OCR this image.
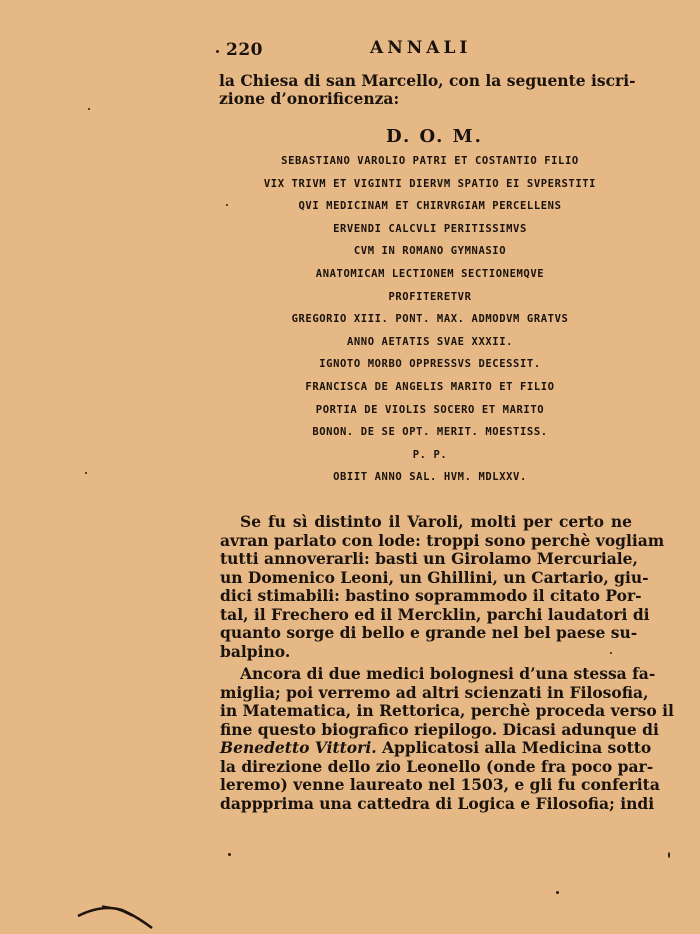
220	ANNALI
la Chiesa di san Marcello, con la seguente iscri-
zione d’onorificenza:
D. O. M.
SEBASTIANO VAROLIO PATRI ET COSTANTIO FILIO
VIX TRIVM ET VIGINTI DIERVM SPATIO EI SVPERSTITI
QVI MEDICINAM ET CHIRVRGIAM PERCELLENS
ERVENDI CALCVLI PERITISSIMVS
CVM IN ROMANO GYMNASIO
ANATOMICAM LECTIONEM SECTIONEMQVE
PROFITERETVR
GREGORIO XIII. PONT. MAX. ADMODVM GRATVS
ANNO AETATIS SVAE XXXII.
IGNOTO MORBO OPPRESSVS DECESSIT.
FRANCISCA DE ANGELIS MARITO ET FILIO
PORTIA DE VIOLIS SOCERO ET MARITO
BONON. DE SE OPT. MERIT. MOESTISS.
P. P.
OBIIT ANNO SAL. HVM. MDLXXV.
Se fu sì distinto il Varoli, molti per certo ne
avran parlato con lode: troppi sono perchè vogliam
tutti annoverarli: basti un Girolamo Mercuriale,
un Domenico Leoni, un Ghillini, un Cartario, giu-
dici stimabili: bastino soprammodo il citato Por-
tal, il Frechero ed il Mercklin, parchi laudatori di
quanto sorge di bello e grande nel bel paese su-
balpino.
Ancora di due medici bolognesi d’una stessa fa-
miglia; poi verremo ad altri scienzati in Filosofia,
in Matematica, in Rettorica, perchè proceda verso il
fine questo biografico riepilogo. Dicasi adunque di
Benedetto Vittori. Applicatosi alla Medicina sotto
la direzione dello zio Leonello (onde fra poco par-
leremo) venne laureato nel 1503, e gli fu conferita
dappprima una cattedra di Logica e Filosofia; indi
